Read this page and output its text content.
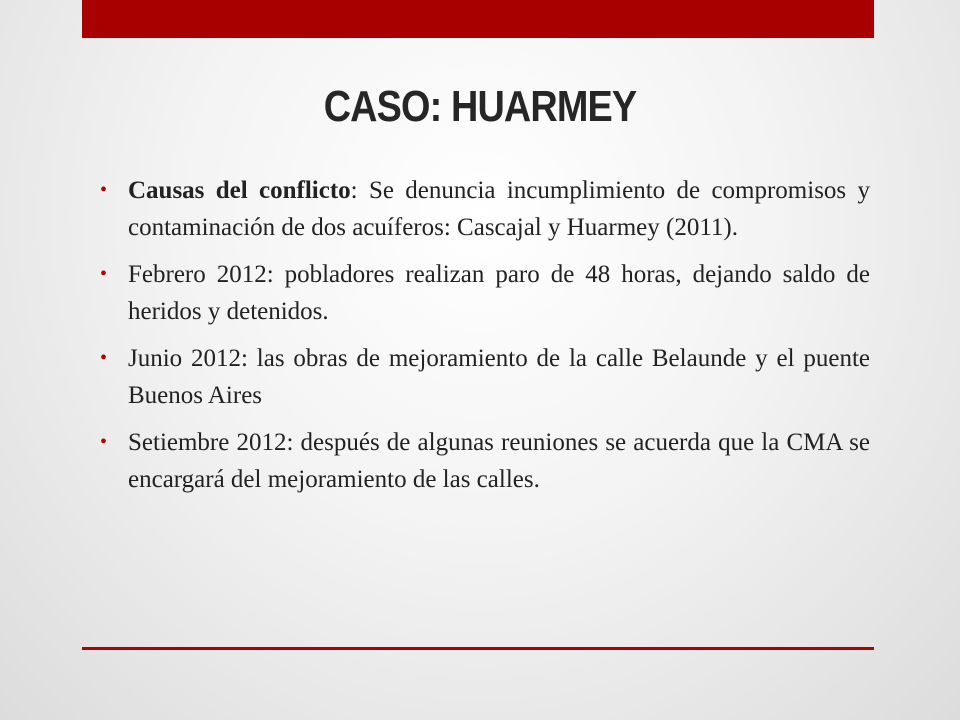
CASO: HUARMEY
• Causas del conflicto: Se denuncia incumplimiento de compromisos y contaminación de dos acuíferos: Cascajal y Huarmey (2011).
• Febrero 2012: pobladores realizan paro de 48 horas, dejando saldo de heridos y detenidos.
• Junio 2012: las obras de mejoramiento de la calle Belaunde y el puente Buenos Aires
• Setiembre 2012: después de algunas reuniones se acuerda que la CMA se encargará del mejoramiento de las calles.
